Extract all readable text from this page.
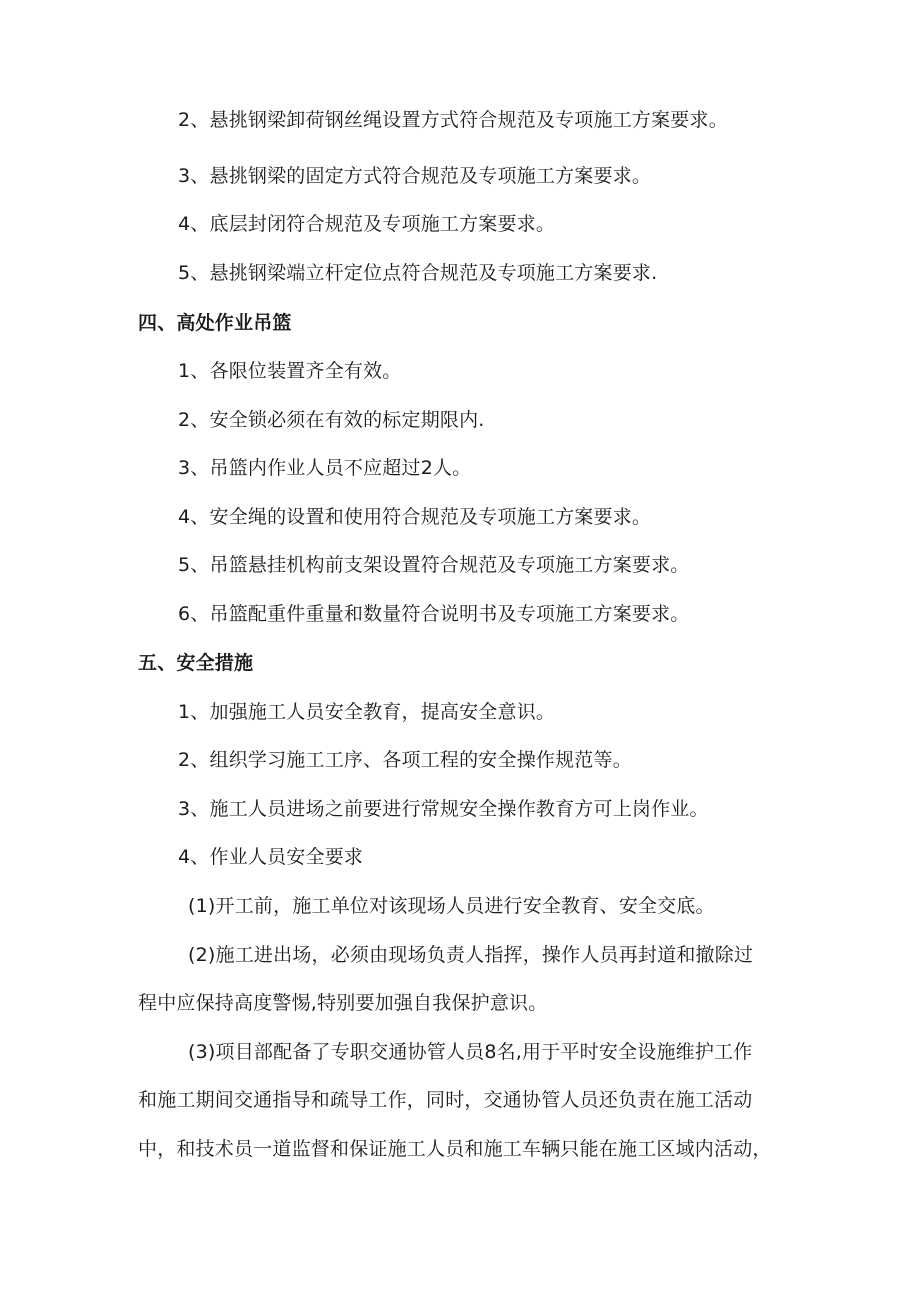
2、悬挑钢梁卸荷钢丝绳设置方式符合规范及专项施工方案要求。
3、悬挑钢梁的固定方式符合规范及专项施工方案要求。
4、底层封闭符合规范及专项施工方案要求。
5、悬挑钢梁端立杆定位点符合规范及专项施工方案要求.
四、高处作业吊篮
1、各限位装置齐全有效。
2、安全锁必须在有效的标定期限内.
3、吊篮内作业人员不应超过2人。
4、安全绳的设置和使用符合规范及专项施工方案要求。
5、吊篮悬挂机构前支架设置符合规范及专项施工方案要求。
6、吊篮配重件重量和数量符合说明书及专项施工方案要求。
五、安全措施
1、加强施工人员安全教育，提高安全意识。
2、组织学习施工工序、各项工程的安全操作规范等。
3、施工人员进场之前要进行常规安全操作教育方可上岗作业。
4、作业人员安全要求
(1)开工前，施工单位对该现场人员进行安全教育、安全交底。
(2)施工进出场，必须由现场负责人指挥，操作人员再封道和撤除过
程中应保持高度警惕,特别要加强自我保护意识。
(3)项目部配备了专职交通协管人员8名,用于平时安全设施维护工作
和施工期间交通指导和疏导工作，同时，交通协管人员还负责在施工活动
中，和技术员一道监督和保证施工人员和施工车辆只能在施工区域内活动，
